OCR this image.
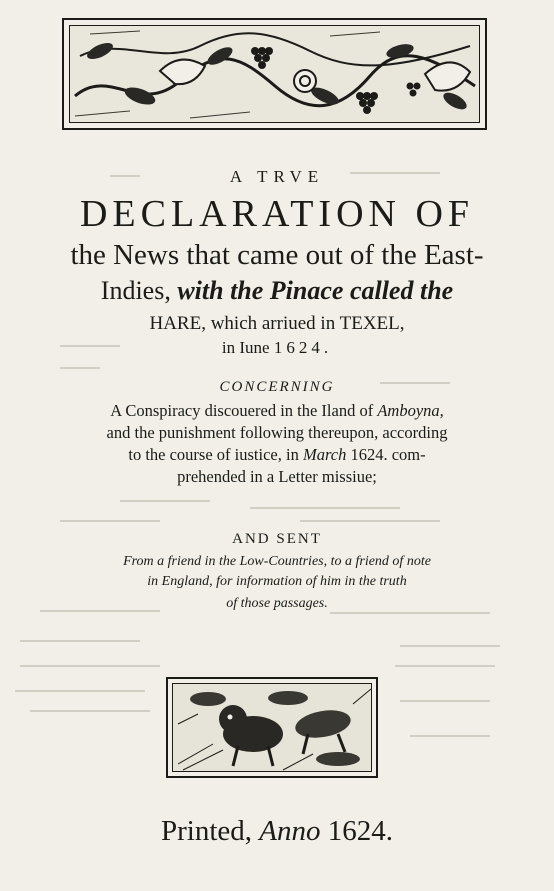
A TRVE
DECLARATION OF
the News that came out of the East-
Indies, with the Pinace called the
HARE, which arriued in TEXEL,
in Iune 1624.
CONCERNING
A Conspiracy discouered in the Iland of Amboyna,
and the punishment following thereupon, according
to the course of iustice, in March 1624. com-
prehended in a Letter missiue;
AND SENT
From a friend in the Low-Countries, to a friend of note
in England, for information of him in the truth
of those passages.
Printed, Anno 1624.
